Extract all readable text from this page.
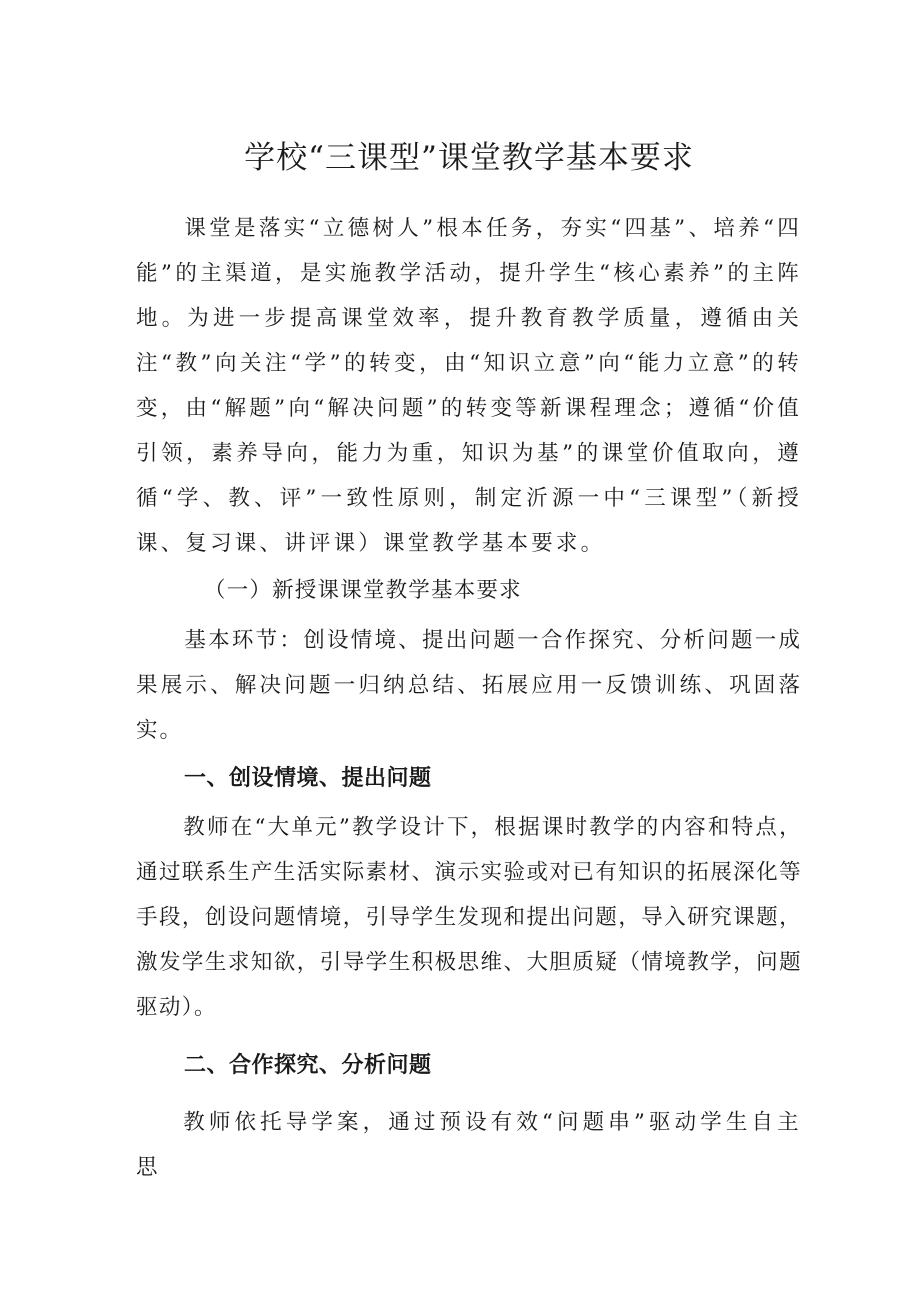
学校“三课型”课堂教学基本要求

课堂是落实“立德树人”根本任务，夯实“四基”、培养“四能”的主渠道，是实施教学活动，提升学生“核心素养”的主阵地。为进一步提高课堂效率，提升教育教学质量，遵循由关注“教”向关注“学”的转变，由“知识立意”向“能力立意”的转变，由“解题”向“解决问题”的转变等新课程理念；遵循“价值引领，素养导向，能力为重，知识为基”的课堂价值取向，遵循“学、教、评”一致性原则，制定沂源一中“三课型”（新授课、复习课、讲评课）课堂教学基本要求。

（一）新授课课堂教学基本要求

基本环节：创设情境、提出问题一合作探究、分析问题一成果展示、解决问题一归纳总结、拓展应用一反馈训练、巩固落实。

一、创设情境、提出问题

教师在“大单元”教学设计下，根据课时教学的内容和特点，通过联系生产生活实际素材、演示实验或对已有知识的拓展深化等手段，创设问题情境，引导学生发现和提出问题，导入研究课题，激发学生求知欲，引导学生积极思维、大胆质疑（情境教学，问题驱动）。

二、合作探究、分析问题

教师依托导学案，通过预设有效“问题串”驱动学生自主思
